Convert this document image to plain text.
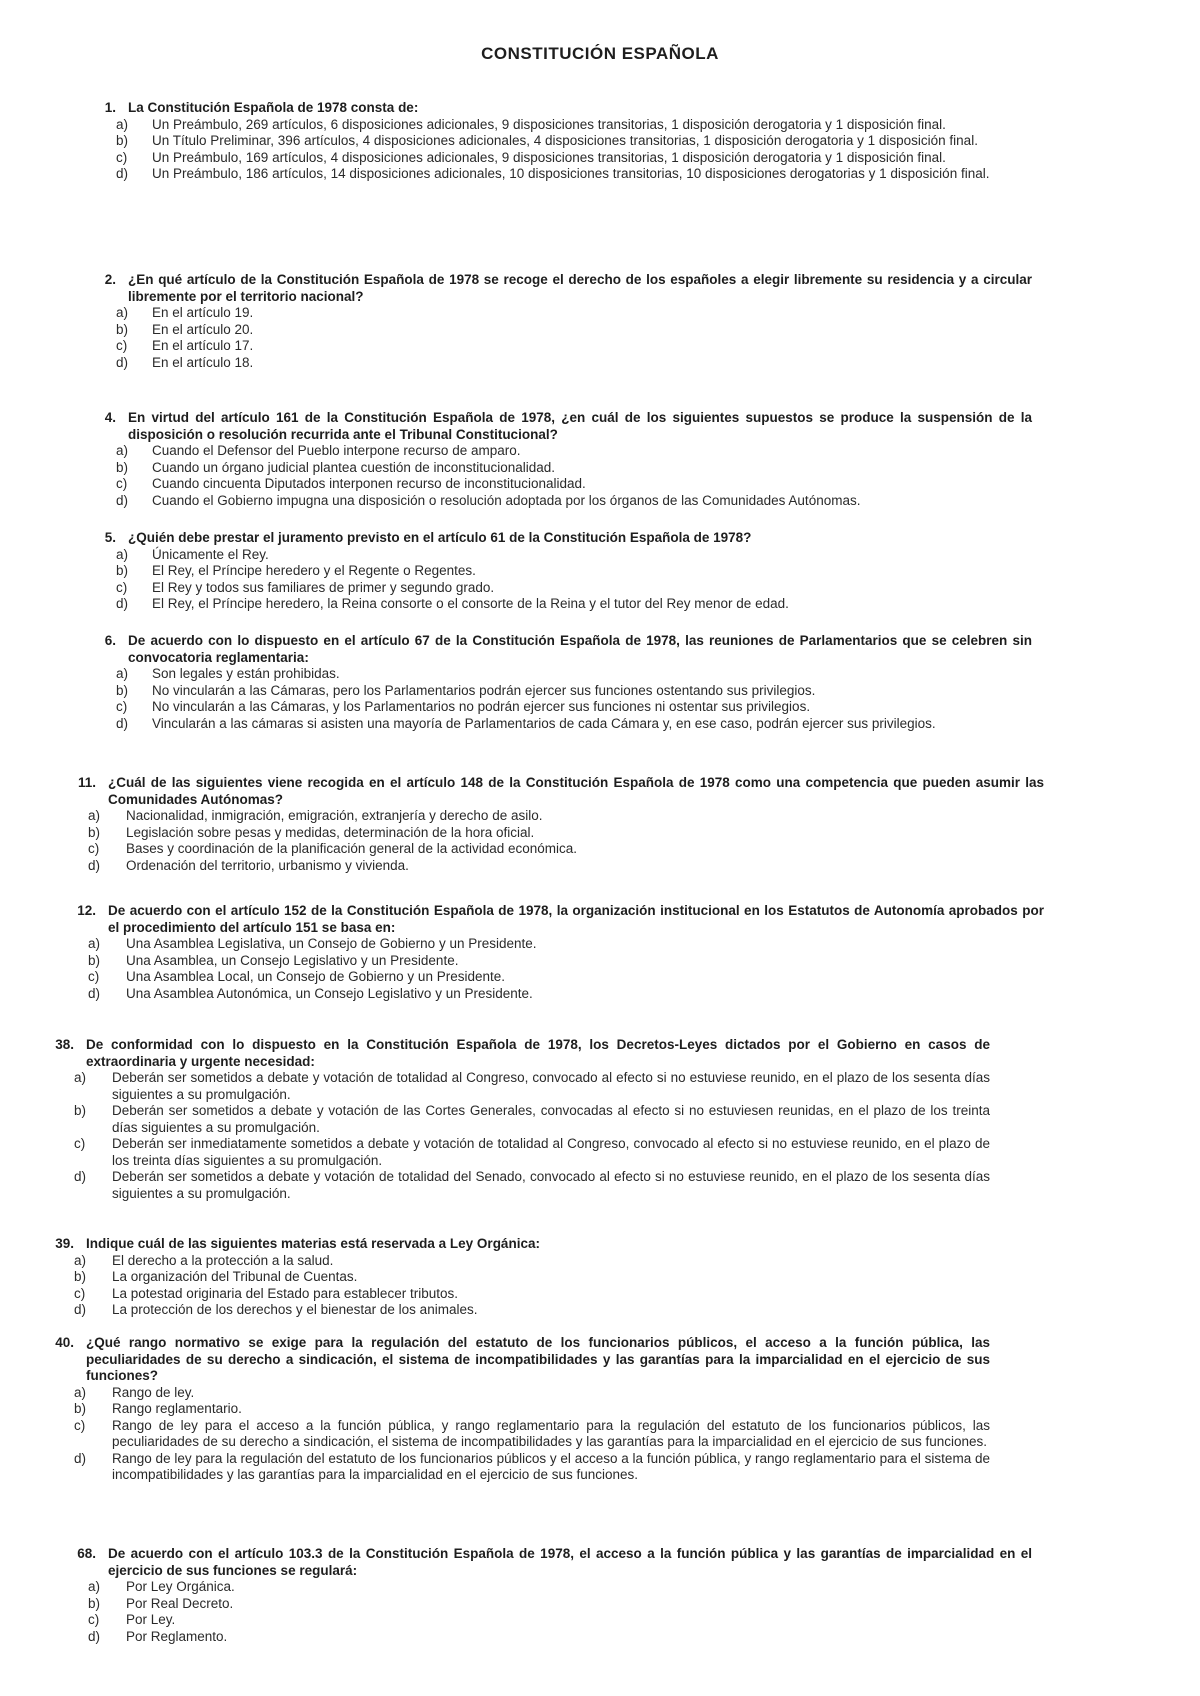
CONSTITUCIÓN ESPAÑOLA
1. La Constitución Española de 1978 consta de:
a)	Un Preámbulo, 269 artículos, 6 disposiciones adicionales, 9 disposiciones transitorias, 1 disposición derogatoria y 1 disposición final.
b)	Un Título Preliminar, 396 artículos, 4 disposiciones adicionales, 4 disposiciones transitorias, 1 disposición derogatoria y 1 disposición final.
c)	Un Preámbulo, 169 artículos, 4 disposiciones adicionales, 9 disposiciones transitorias, 1 disposición derogatoria y 1 disposición final.
d)	Un Preámbulo, 186 artículos, 14 disposiciones adicionales, 10 disposiciones transitorias, 10 disposiciones derogatorias y 1 disposición final.
2. ¿En qué artículo de la Constitución Española de 1978 se recoge el derecho de los españoles a elegir libremente su residencia y a circular libremente por el territorio nacional?
a)	En el artículo 19.
b)	En el artículo 20.
c)	En el artículo 17.
d)	En el artículo 18.
4. En virtud del artículo 161 de la Constitución Española de 1978, ¿en cuál de los siguientes supuestos se produce la suspensión de la disposición o resolución recurrida ante el Tribunal Constitucional?
a)	Cuando el Defensor del Pueblo interpone recurso de amparo.
b)	Cuando un órgano judicial plantea cuestión de inconstitucionalidad.
c)	Cuando cincuenta Diputados interponen recurso de inconstitucionalidad.
d)	Cuando el Gobierno impugna una disposición o resolución adoptada por los órganos de las Comunidades Autónomas.
5. ¿Quién debe prestar el juramento previsto en el artículo 61 de la Constitución Española de 1978?
a)	Únicamente el Rey.
b)	El Rey, el Príncipe heredero y el Regente o Regentes.
c)	El Rey y todos sus familiares de primer y segundo grado.
d)	El Rey, el Príncipe heredero, la Reina consorte o el consorte de la Reina y el tutor del Rey menor de edad.
6. De acuerdo con lo dispuesto en el artículo 67 de la Constitución Española de 1978, las reuniones de Parlamentarios que se celebren sin convocatoria reglamentaria:
a)	Son legales y están prohibidas.
b)	No vincularán a las Cámaras, pero los Parlamentarios podrán ejercer sus funciones ostentando sus privilegios.
c)	No vincularán a las Cámaras, y los Parlamentarios no podrán ejercer sus funciones ni ostentar sus privilegios.
d)	Vincularán a las cámaras si asisten una mayoría de Parlamentarios de cada Cámara y, en ese caso, podrán ejercer sus privilegios.
11. ¿Cuál de las siguientes viene recogida en el artículo 148 de la Constitución Española de 1978 como una competencia que pueden asumir las Comunidades Autónomas?
a)	Nacionalidad, inmigración, emigración, extranjería y derecho de asilo.
b)	Legislación sobre pesas y medidas, determinación de la hora oficial.
c)	Bases y coordinación de la planificación general de la actividad económica.
d)	Ordenación del territorio, urbanismo y vivienda.
12. De acuerdo con el artículo 152 de la Constitución Española de 1978, la organización institucional en los Estatutos de Autonomía aprobados por el procedimiento del artículo 151 se basa en:
a)	Una Asamblea Legislativa, un Consejo de Gobierno y un Presidente.
b)	Una Asamblea, un Consejo Legislativo y un Presidente.
c)	Una Asamblea Local, un Consejo de Gobierno y un Presidente.
d)	Una Asamblea Autonómica, un Consejo Legislativo y un Presidente.
38. De conformidad con lo dispuesto en la Constitución Española de 1978, los Decretos-Leyes dictados por el Gobierno en casos de extraordinaria y urgente necesidad:
a)	Deberán ser sometidos a debate y votación de totalidad al Congreso, convocado al efecto si no estuviese reunido, en el plazo de los sesenta días siguientes a su promulgación.
b)	Deberán ser sometidos a debate y votación de las Cortes Generales, convocadas al efecto si no estuviesen reunidas, en el plazo de los treinta días siguientes a su promulgación.
c)	Deberán ser inmediatamente sometidos a debate y votación de totalidad al Congreso, convocado al efecto si no estuviese reunido, en el plazo de los treinta días siguientes a su promulgación.
d)	Deberán ser sometidos a debate y votación de totalidad del Senado, convocado al efecto si no estuviese reunido, en el plazo de los sesenta días siguientes a su promulgación.
39. Indique cuál de las siguientes materias está reservada a Ley Orgánica:
a)	El derecho a la protección a la salud.
b)	La organización del Tribunal de Cuentas.
c)	La potestad originaria del Estado para establecer tributos.
d)	La protección de los derechos y el bienestar de los animales.
40. ¿Qué rango normativo se exige para la regulación del estatuto de los funcionarios públicos, el acceso a la función pública, las peculiaridades de su derecho a sindicación, el sistema de incompatibilidades y las garantías para la imparcialidad en el ejercicio de sus funciones?
a)	Rango de ley.
b)	Rango reglamentario.
c)	Rango de ley para el acceso a la función pública, y rango reglamentario para la regulación del estatuto de los funcionarios públicos, las peculiaridades de su derecho a sindicación, el sistema de incompatibilidades y las garantías para la imparcialidad en el ejercicio de sus funciones.
d)	Rango de ley para la regulación del estatuto de los funcionarios públicos y el acceso a la función pública, y rango reglamentario para el sistema de incompatibilidades y las garantías para la imparcialidad en el ejercicio de sus funciones.
68. De acuerdo con el artículo 103.3 de la Constitución Española de 1978, el acceso a la función pública y las garantías de imparcialidad en el ejercicio de sus funciones se regulará:
a)	Por Ley Orgánica.
b)	Por Real Decreto.
c)	Por Ley.
d)	Por Reglamento.
